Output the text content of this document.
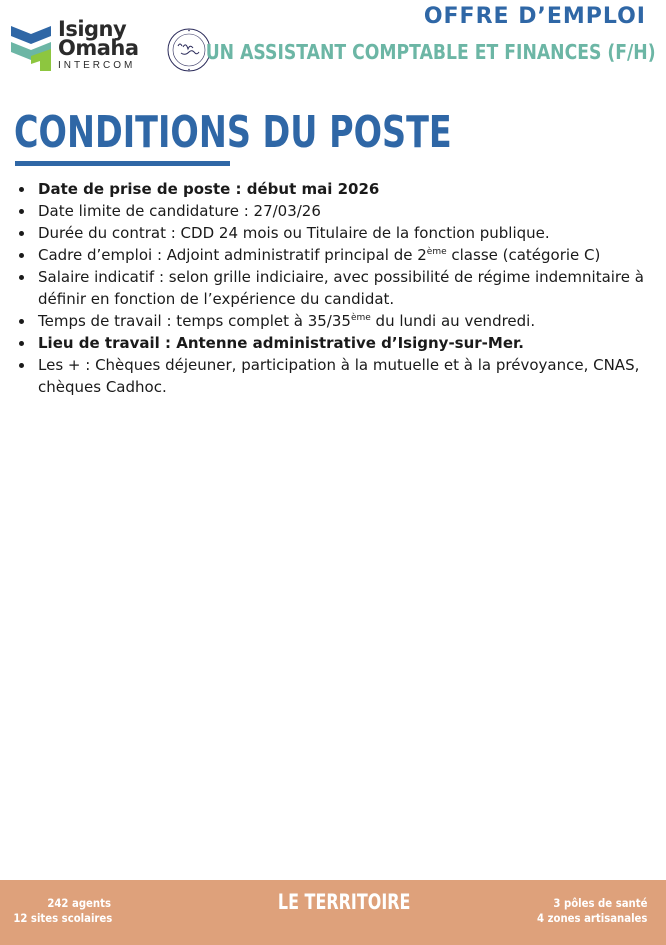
Isigny
Omaha
INTERCOM
OFFRE D’EMPLOI
UN ASSISTANT COMPTABLE ET FINANCES (F/H)
CONDITIONS DU POSTE
Date de prise de poste : début mai 2026
Date limite de candidature : 27/03/26
Durée du contrat : CDD 24 mois ou Titulaire de la fonction publique.
Cadre d’emploi : Adjoint administratif principal de 2ème classe (catégorie C)
Salaire indicatif : selon grille indiciaire, avec possibilité de régime indemnitaire à définir en fonction de l’expérience du candidat.
Temps de travail : temps complet à 35/35ème du lundi au vendredi.
Lieu de travail : Antenne administrative d’Isigny-sur-Mer.
Les + : Chèques déjeuner, participation à la mutuelle et à la prévoyance, CNAS, chèques Cadhoc.
242 agents
12 sites scolaires
LE TERRITOIRE	3 pôles de santé
4 zones artisanales
